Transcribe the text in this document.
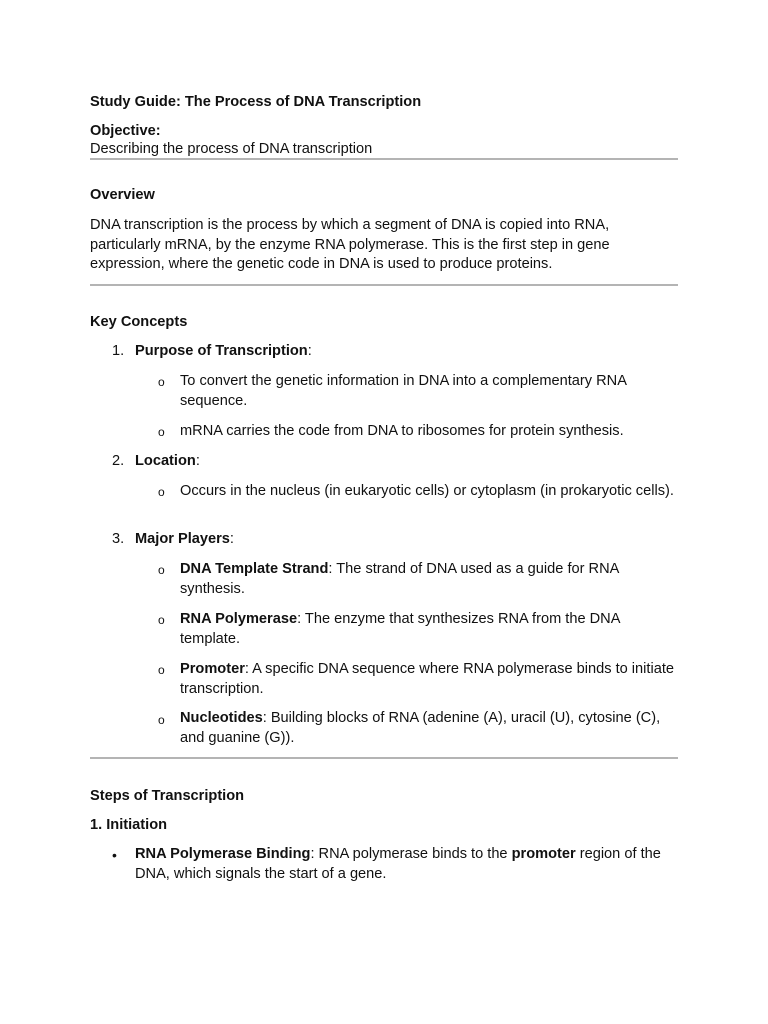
Study Guide: The Process of DNA Transcription
Objective:
Describing the process of DNA transcription
Overview
DNA transcription is the process by which a segment of DNA is copied into RNA, particularly mRNA, by the enzyme RNA polymerase. This is the first step in gene expression, where the genetic code in DNA is used to produce proteins.
Key Concepts
1. Purpose of Transcription:
o To convert the genetic information in DNA into a complementary RNA sequence.
o mRNA carries the code from DNA to ribosomes for protein synthesis.
2. Location:
o Occurs in the nucleus (in eukaryotic cells) or cytoplasm (in prokaryotic cells).
3. Major Players:
o DNA Template Strand: The strand of DNA used as a guide for RNA synthesis.
o RNA Polymerase: The enzyme that synthesizes RNA from the DNA template.
o Promoter: A specific DNA sequence where RNA polymerase binds to initiate transcription.
o Nucleotides: Building blocks of RNA (adenine (A), uracil (U), cytosine (C), and guanine (G)).
Steps of Transcription
1. Initiation
• RNA Polymerase Binding: RNA polymerase binds to the promoter region of the DNA, which signals the start of a gene.
